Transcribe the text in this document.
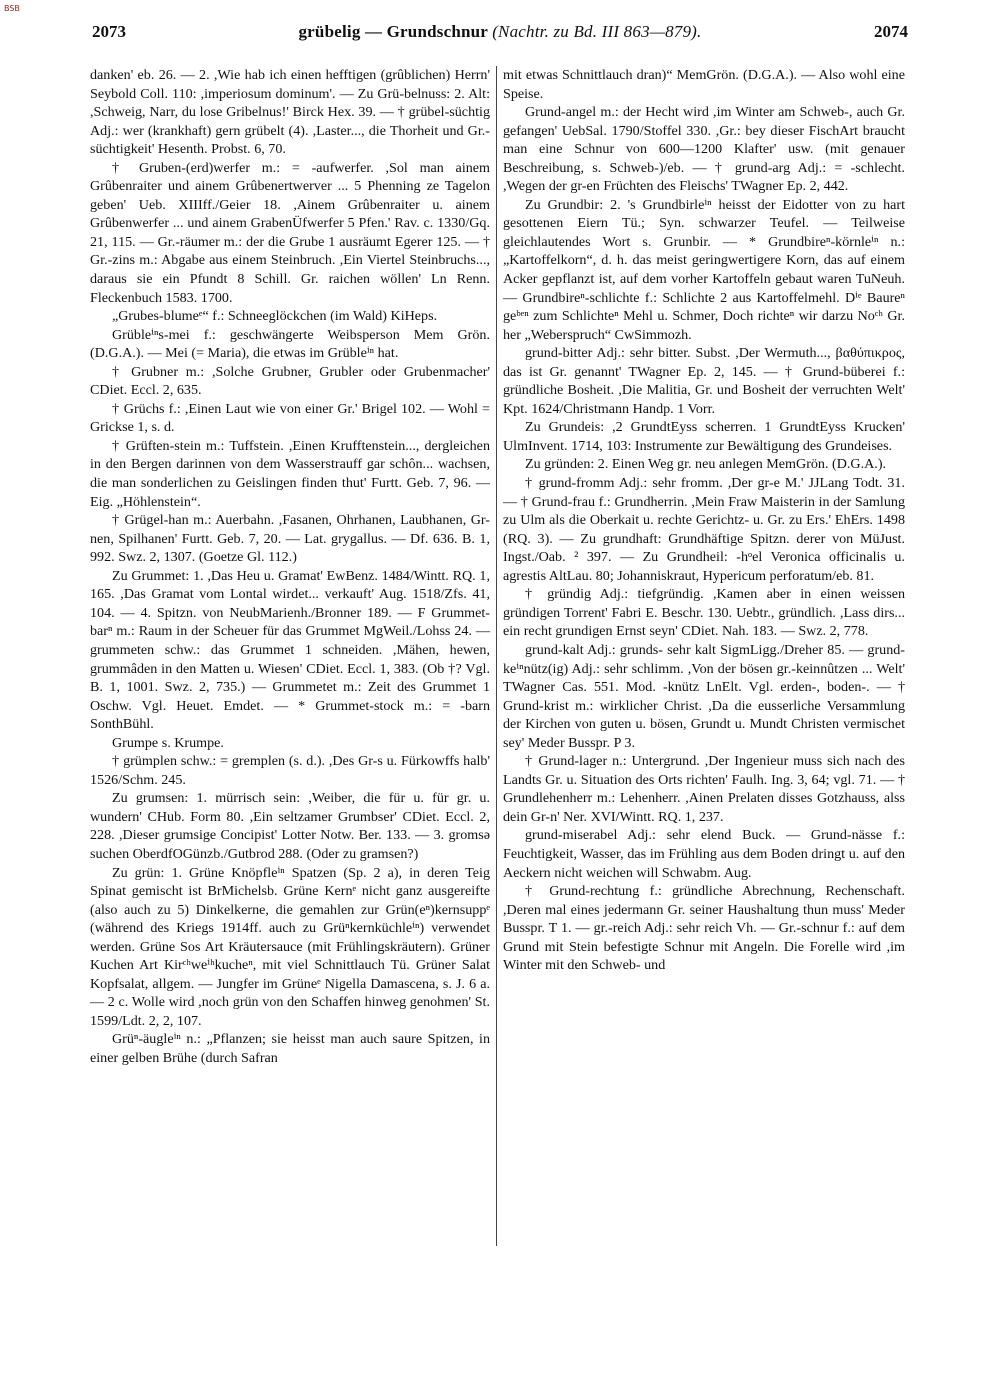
BSB
2073	grübelig — Grundschnur (Nachtr. zu Bd. III 863—879).	2074

danken' eb. 26. — 2. ,Wie hab ich einen hefftigen (grûblichen) Herrn' Seybold Coll. 110: ,imperiosum dominum'. — Zu Grü-belnuss: 2. Alt: ,Schweig, Narr, du lose Gribelnus!' Birck Hex. 39. — † grübel-süchtig Adj.: wer (krankhaft) gern grübelt (4). ,Laster..., die Thorheit und Gr.-süchtigkeit' Hesenth. Probst. 6, 70.

† Gruben-(erd)werfer m.: = -aufwerfer. ,Sol man ainem Grûbenraiter und ainem Grûbenertwerver ... 5 Phenning ze Tagelon geben' Ueb. XIIIff./Geier 18. ,Ainem Grûbenraiter u. ainem Grûbenwerfer ... und ainem GrabenÜfwerfer 5 Pfen.' Rav. c. 1330/Gq. 21, 115. — Gr.-räumer m.: der die Grube 1 ausräumt Egerer 125. — † Gr.-zins m.: Abgabe aus einem Steinbruch. ,Ein Viertel Steinbruchs..., daraus sie ein Pfundt 8 Schill. Gr. raichen wöllen' Ln Renn. Fleckenbuch 1583. 1700.

„Grubes-blumeᵉ“ f.: Schneeglöckchen (im Wald) KiHeps.

Grübleⁱⁿs-mei f.: geschwängerte Weibsperson Mem Grön. (D.G.A.). — Mei (= Maria), die etwas im Grübleⁱⁿ hat.

† Grubner m.: ,Solche Grubner, Grubler oder Grubenmacher' CDiet. Eccl. 2, 635.

† Grüchs f.: ,Einen Laut wie von einer Gr.' Brigel 102. — Wohl = Grickse 1, s. d.

† Grüften-stein m.: Tuffstein. ,Einen Krufftenstein..., dergleichen in den Bergen darinnen von dem Wasserstrauff gar schôn... wachsen, die man sonderlichen zu Geislingen finden thut' Furtt. Geb. 7, 96. — Eig. „Höhlenstein“.

† Grügel-han m.: Auerbahn. ,Fasanen, Ohrhanen, Laubhanen, Gr-nen, Spilhanen' Furtt. Geb. 7, 20. — Lat. grygallus. — Df. 636. B. 1, 992. Swz. 2, 1307. (Goetze Gl. 112.)

Zu Grummet: 1. ,Das Heu u. Gramat' EwBenz. 1484/Wintt. RQ. 1, 165. ,Das Gramat vom Lontal wirdet... verkauft' Aug. 1518/Zfs. 41, 104. — 4. Spitzn. von NeubMarienh./Bronner 189. — F Grummet-barⁿ m.: Raum in der Scheuer für das Grummet MgWeil./Lohss 24. — grummeten schw.: das Grummet 1 schneiden. ,Mähen, hewen, grummâden in den Matten u. Wiesen' CDiet. Eccl. 1, 383. (Ob †? Vgl. B. 1, 1001. Swz. 2, 735.) — Grummetet m.: Zeit des Grummet 1 Oschw. Vgl. Heuet. Emdet. — * Grummet-stock m.: = -barn SonthBühl.

Grumpe s. Krumpe.

† grümplen schw.: = gremplen (s. d.). ,Des Gr-s u. Fürkowffs halb' 1526/Schm. 245.

Zu grumsen: 1. mürrisch sein: ,Weiber, die für u. für gr. u. wundern' CHub. Form 80. ,Ein seltzamer Grumbser' CDiet. Eccl. 2, 228. ,Dieser grumsige Concipist' Lotter Notw. Ber. 133. — 3. gromsə suchen OberdfOGünzb./Gutbrod 288. (Oder zu gramsen?)

Zu grün: 1. Grüne Knöpfleⁱⁿ Spatzen (Sp. 2 a), in deren Teig Spinat gemischt ist BrMichelsb. Grüne Kernᵉ nicht ganz ausgereifte (also auch zu 5) Dinkelkerne, die gemahlen zur Grün(eⁿ)kernsuppᵉ (während des Kriegs 1914ff. auch zu Grüⁿkernküchleⁱⁿ) verwendet werden. Grüne Sos Art Kräutersauce (mit Frühlingskräutern). Grüner Kuchen Art Kirᶜʰweⁱʰkucheⁿ, mit viel Schnittlauch Tü. Grüner Salat Kopfsalat, allgem. — Jungfer im Grüneᵉ Nigella Damascena, s. J. 6 a. — 2 c. Wolle wird ,noch grün von den Schaffen hinweg genohmen' St. 1599/Ldt. 2, 2, 107.

Grüⁿ-äugleⁱⁿ n.: „Pflanzen; sie heisst man auch saure Spitzen, in einer gelben Brühe (durch Safran

mit etwas Schnittlauch dran)“ MemGrön. (D.G.A.). — Also wohl eine Speise.

Grund-angel m.: der Hecht wird ,im Winter am Schweb-, auch Gr. gefangen' UebSal. 1790/Stoffel 330. ,Gr.: bey dieser FischArt braucht man eine Schnur von 600—1200 Klafter' usw. (mit genauer Beschreibung, s. Schweb-)/eb. — † grund-arg Adj.: = -schlecht. ,Wegen der gr-en Früchten des Fleischs' TWagner Ep. 2, 442.

Zu Grundbir: 2. 's Grundbirleⁱⁿ heisst der Eidotter von zu hart gesottenen Eiern Tü.; Syn. schwarzer Teufel. — Teilweise gleichlautendes Wort s. Grunbir. — * Grundbireⁿ-körnleⁱⁿ n.: „Kartoffelkorn“, d. h. das meist geringwertigere Korn, das auf einem Acker gepflanzt ist, auf dem vorher Kartoffeln gebaut waren TuNeuh. — Grundbireⁿ-schlichte f.: Schlichte 2 aus Kartoffelmehl. Dⁱᵉ Baureⁿ geᵇᵉⁿ zum Schlichteⁿ Mehl u. Schmer, Doch richteⁿ wir darzu Noᶜʰ Gr. her „Weberspruch“ CwSimmozh.

grund-bitter Adj.: sehr bitter. Subst. ,Der Wermuth..., βαθύπικρος, das ist Gr. genannt' TWagner Ep. 2, 145. — † Grund-büberei f.: gründliche Bosheit. ,Die Malitia, Gr. und Bosheit der verruchten Welt' Kpt. 1624/Christmann Handp. 1 Vorr.

Zu Grundeis: ,2 GrundtEyss scherren. 1 GrundtEyss Krucken' UlmInvent. 1714, 103: Instrumente zur Bewältigung des Grundeises.

Zu gründen: 2. Einen Weg gr. neu anlegen MemGrön. (D.G.A.).

† grund-fromm Adj.: sehr fromm. ,Der gr-e M.' JJLang Todt. 31. — † Grund-frau f.: Grundherrin. ,Mein Fraw Maisterin in der Samlung zu Ulm als die Oberkait u. rechte Gerichtz- u. Gr. zu Ers.' EhErs. 1498 (RQ. 3). — Zu grundhaft: Grundhäftige Spitzn. derer von MüJust. Ingst./Oab. ² 397. — Zu Grundheil: -hᵒel Veronica officinalis u. agrestis AltLau. 80; Johanniskraut, Hypericum perforatum/eb. 81.

† gründig Adj.: tiefgründig. ,Kamen aber in einen weissen gründigen Torrent' Fabri E. Beschr. 130. Uebtr., gründlich. ,Lass dirs... ein recht grundigen Ernst seyn' CDiet. Nah. 183. — Swz. 2, 778.

grund-kalt Adj.: grunds- sehr kalt SigmLigg./Dreher 85. — grund-keⁱⁿnütz(ig) Adj.: sehr schlimm. ,Von der bösen gr.-keinnûtzen ... Welt' TWagner Cas. 551. Mod. -knütz LnElt. Vgl. erden-, boden-. — † Grund-krist m.: wirklicher Christ. ,Da die eusserliche Versammlung der Kirchen von guten u. bösen, Grundt u. Mundt Christen vermischet sey' Meder Busspr. P 3.

† Grund-lager n.: Untergrund. ,Der Ingenieur muss sich nach des Landts Gr. u. Situation des Orts richten' Faulh. Ing. 3, 64; vgl. 71. — † Grundlehenherr m.: Lehenherr. ,Ainen Prelaten disses Gotzhauss, alss dein Gr-n' Ner. XVI/Wintt. RQ. 1, 237.

grund-miserabel Adj.: sehr elend Buck. — Grund-nässe f.: Feuchtigkeit, Wasser, das im Frühling aus dem Boden dringt u. auf den Aeckern nicht weichen will Schwabm. Aug.

† Grund-rechtung f.: gründliche Abrechnung, Rechenschaft. ,Deren mal eines jedermann Gr. seiner Haushaltung thun muss' Meder Busspr. T 1. — gr.-reich Adj.: sehr reich Vh. — Gr.-schnur f.: auf dem Grund mit Stein befestigte Schnur mit Angeln. Die Forelle wird ,im Winter mit den Schweb- und
